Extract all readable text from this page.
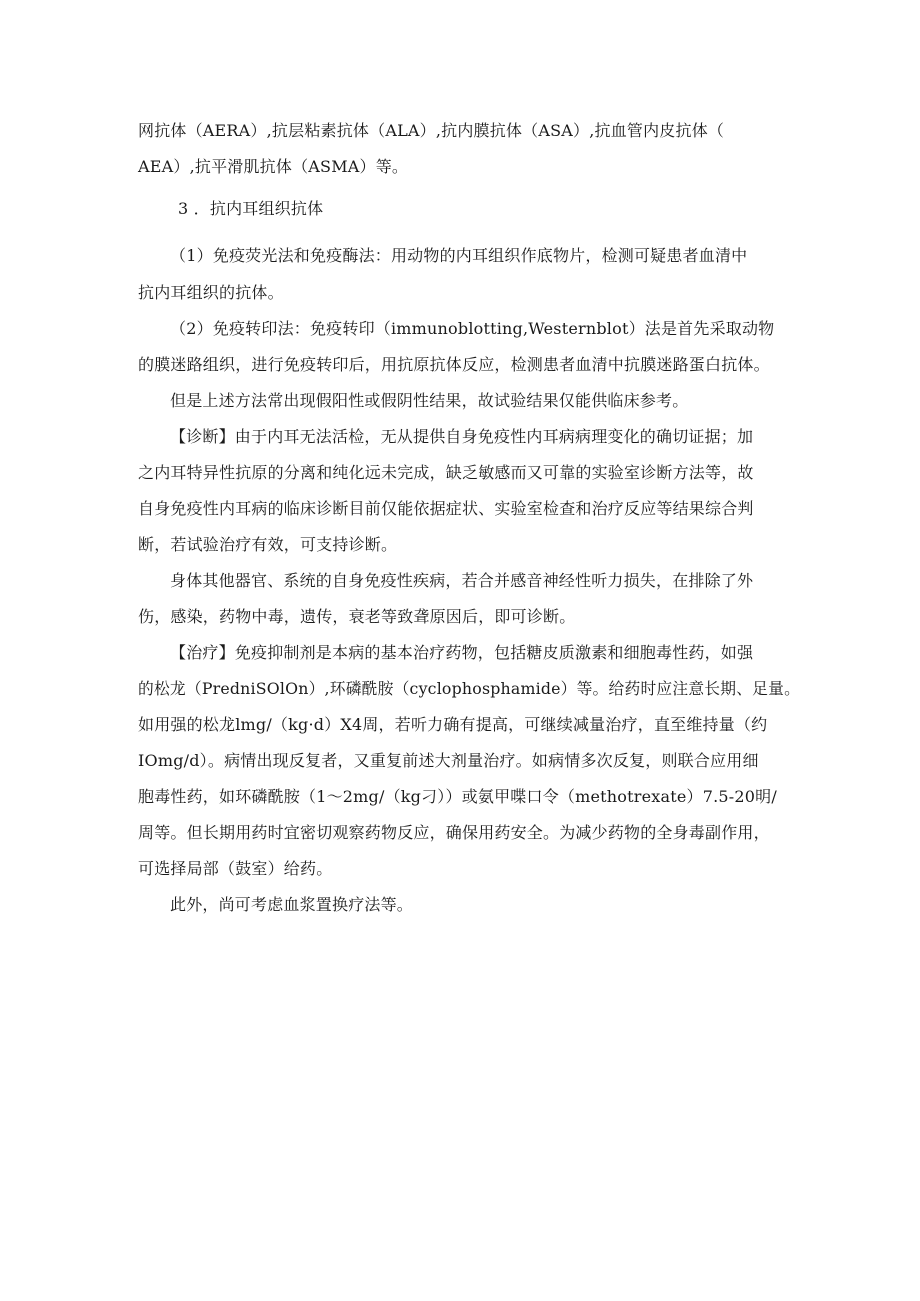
网抗体（AERA）,抗层粘素抗体（ALA）,抗内膜抗体（ASA）,抗血管内皮抗体（
AEA）,抗平滑肌抗体（ASMA）等。
3 ．抗内耳组织抗体
（1）免疫荧光法和免疫酶法：用动物的内耳组织作底物片，检测可疑患者血清中
抗内耳组织的抗体。
（2）免疫转印法：免疫转印（immunoblotting,Westernblot）法是首先采取动物
的膜迷路组织，进行免疫转印后，用抗原抗体反应，检测患者血清中抗膜迷路蛋白抗体。
但是上述方法常出现假阳性或假阴性结果，故试验结果仅能供临床参考。
【诊断】由于内耳无法活检，无从提供自身免疫性内耳病病理变化的确切证据；加
之内耳特异性抗原的分离和纯化远未完成，缺乏敏感而又可靠的实验室诊断方法等，故
自身免疫性内耳病的临床诊断目前仅能依据症状、实验室检查和治疗反应等结果综合判
断，若试验治疗有效，可支持诊断。
身体其他器官、系统的自身免疫性疾病，若合并感音神经性听力损失，在排除了外
伤，感染，药物中毒，遗传，衰老等致聋原因后，即可诊断。
【治疗】免疫抑制剂是本病的基本治疗药物，包括糖皮质激素和细胞毒性药，如强
的松龙（PredniSOlOn）,环磷酰胺（cyclophosphamide）等。给药时应注意长期、足量。
如用强的松龙lmg∕（kg·d）X4周，若听力确有提高，可继续减量治疗，直至维持量（约
IOmg∕d）。病情出现反复者，又重复前述大剂量治疗。如病情多次反复，则联合应用细
胞毒性药，如环磷酰胺（1〜2mg∕（kg刁））或氨甲喋口令（methotrexate）7.5-20明/
周等。但长期用药时宜密切观察药物反应，确保用药安全。为减少药物的全身毒副作用，
可选择局部（鼓室）给药。
此外，尚可考虑血浆置换疗法等。
